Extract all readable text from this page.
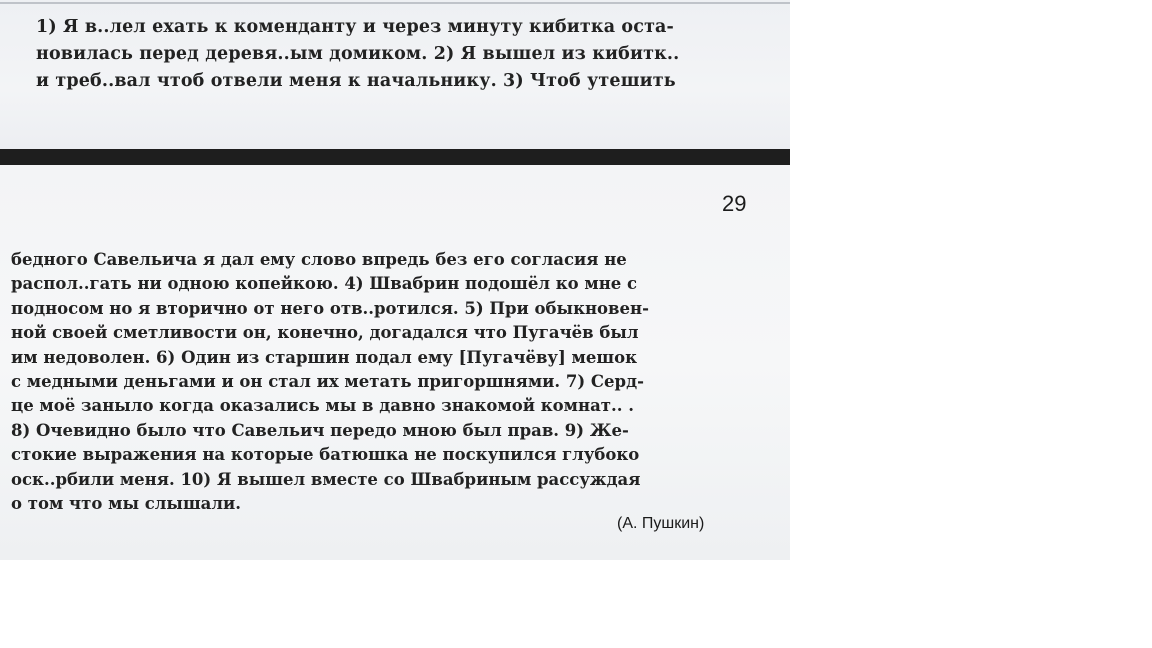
1) Я в..лел ехать к коменданту и через минуту кибитка оста-
новилась перед деревя..ым домиком. 2) Я вышел из кибитк..
и треб..вал чтоб отвели меня к начальнику. 3) Чтоб утешить

29

бедного Савельича я дал ему слово впредь без его согласия не
распол..гать ни одною копейкою. 4) Швабрин подошёл ко мне с
подносом но я вторично от него отв..ротился. 5) При обыкновен-
ной своей сметливости он, конечно, догадался что Пугачёв был
им недоволен. 6) Один из старшин подал ему [Пугачёву] мешок
с медными деньгами и он стал их метать пригоршнями. 7) Серд-
це моё заныло когда оказались мы в давно знакомой комнат.. .
8) Очевидно было что Савельич передо мною был прав. 9) Же-
стокие выражения на которые батюшка не поскупился глубоко
оск..рбили меня. 10) Я вышел вместе со Швабриным рассуждая
о том что мы слышали.

(А. Пушкин)
